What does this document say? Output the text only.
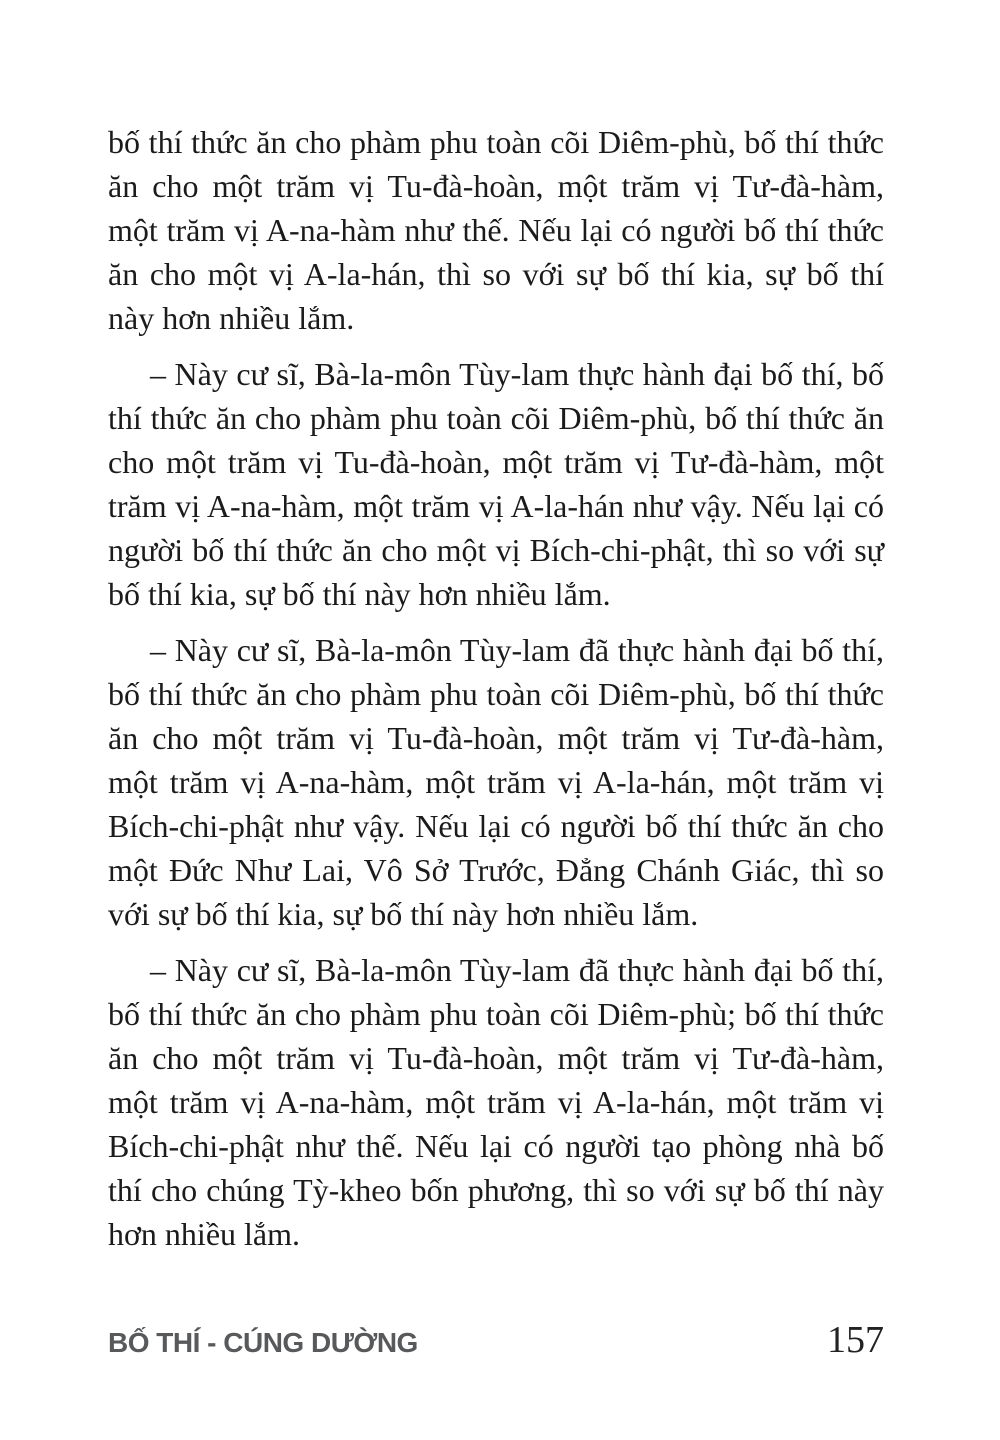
bố thí thức ăn cho phàm phu toàn cõi Diêm-phù, bố thí thức ăn cho một trăm vị Tu-đà-hoàn, một trăm vị Tư-đà-hàm, một trăm vị A-na-hàm như thế. Nếu lại có người bố thí thức ăn cho một vị A-la-hán, thì so với sự bố thí kia, sự bố thí này hơn nhiều lắm.

– Này cư sĩ, Bà-la-môn Tùy-lam thực hành đại bố thí, bố thí thức ăn cho phàm phu toàn cõi Diêm-phù, bố thí thức ăn cho một trăm vị Tu-đà-hoàn, một trăm vị Tư-đà-hàm, một trăm vị A-na-hàm, một trăm vị A-la-hán như vậy. Nếu lại có người bố thí thức ăn cho một vị Bích-chi-phật, thì so với sự bố thí kia, sự bố thí này hơn nhiều lắm.

– Này cư sĩ, Bà-la-môn Tùy-lam đã thực hành đại bố thí, bố thí thức ăn cho phàm phu toàn cõi Diêm-phù, bố thí thức ăn cho một trăm vị Tu-đà-hoàn, một trăm vị Tư-đà-hàm, một trăm vị A-na-hàm, một trăm vị A-la-hán, một trăm vị Bích-chi-phật như vậy. Nếu lại có người bố thí thức ăn cho một Đức Như Lai, Vô Sở Trước, Đẳng Chánh Giác, thì so với sự bố thí kia, sự bố thí này hơn nhiều lắm.

– Này cư sĩ, Bà-la-môn Tùy-lam đã thực hành đại bố thí, bố thí thức ăn cho phàm phu toàn cõi Diêm-phù; bố thí thức ăn cho một trăm vị Tu-đà-hoàn, một trăm vị Tư-đà-hàm, một trăm vị A-na-hàm, một trăm vị A-la-hán, một trăm vị Bích-chi-phật như thế. Nếu lại có người tạo phòng nhà bố thí cho chúng Tỳ-kheo bốn phương, thì so với sự bố thí này hơn nhiều lắm.

BỐ THÍ - CÚNG DƯỜNG	157
